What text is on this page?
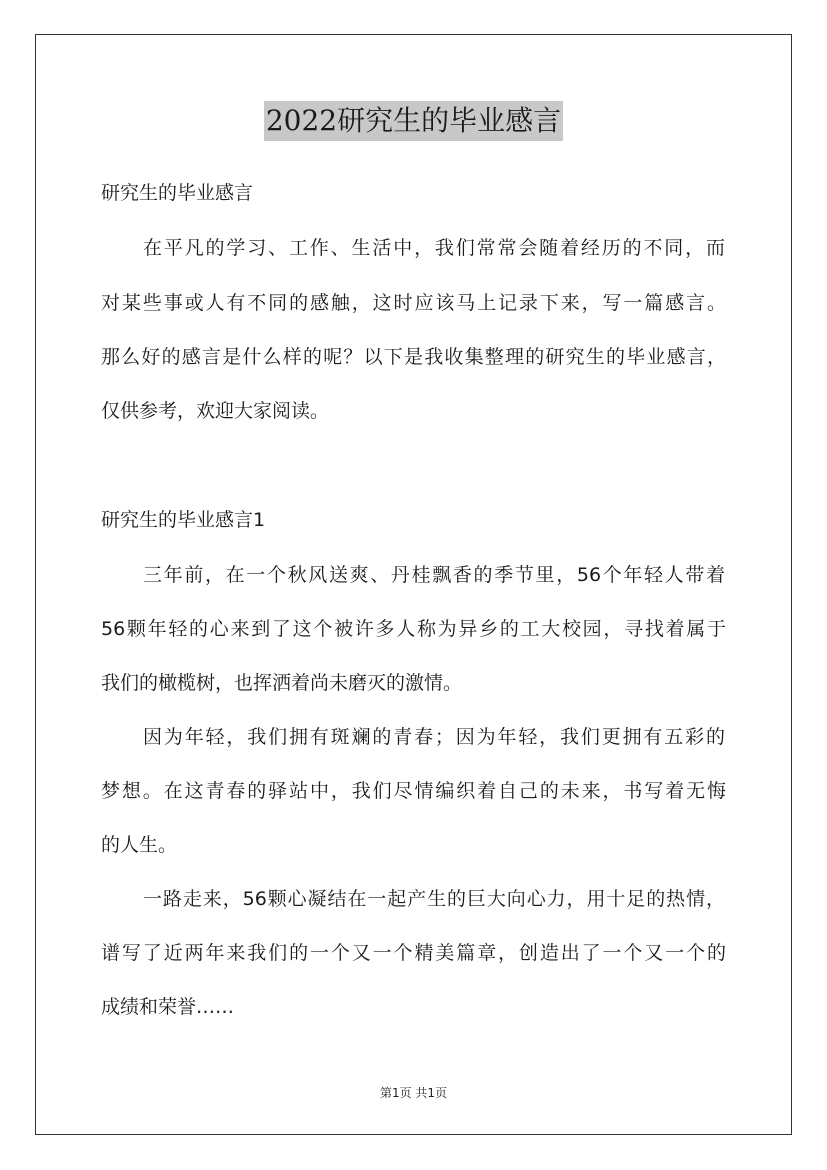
2022研究生的毕业感言
研究生的毕业感言
在平凡的学习、工作、生活中，我们常常会随着经历的不同，而
对某些事或人有不同的感触，这时应该马上记录下来，写一篇感言。
那么好的感言是什么样的呢？以下是我收集整理的研究生的毕业感言，
仅供参考，欢迎大家阅读。
研究生的毕业感言1
三年前，在一个秋风送爽、丹桂飘香的季节里，56个年轻人带着
56颗年轻的心来到了这个被许多人称为异乡的工大校园，寻找着属于
我们的橄榄树，也挥洒着尚未磨灭的激情。
因为年轻，我们拥有斑斓的青春；因为年轻，我们更拥有五彩的
梦想。在这青春的驿站中，我们尽情编织着自己的未来，书写着无悔
的人生。
一路走来，56颗心凝结在一起产生的巨大向心力，用十足的热情，
谱写了近两年来我们的一个又一个精美篇章，创造出了一个又一个的
成绩和荣誉……
第1页 共1页
